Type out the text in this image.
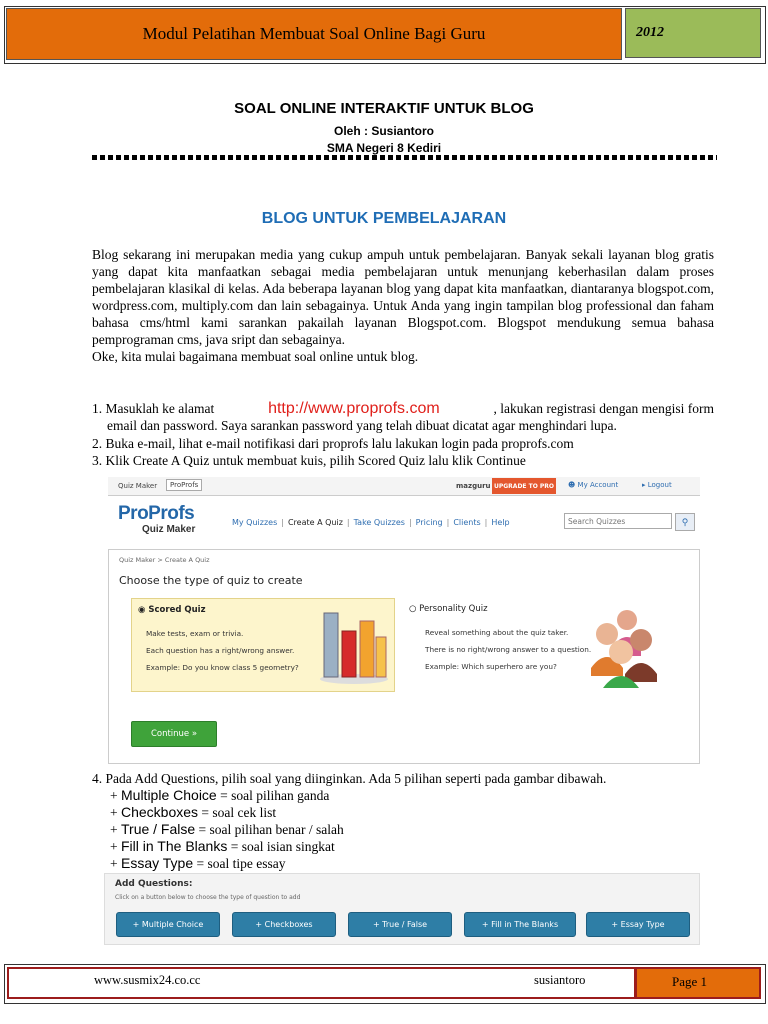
Modul Pelatihan Membuat Soal Online Bagi Guru	2012
SOAL ONLINE INTERAKTIF UNTUK BLOG
Oleh : Susiantoro
SMA Negeri 8 Kediri
BLOG UNTUK PEMBELAJARAN

Blog sekarang ini merupakan media yang cukup ampuh untuk pembelajaran. Banyak sekali layanan blog gratis yang dapat kita manfaatkan sebagai media pembelajaran untuk menunjang keberhasilan dalam proses pembelajaran klasikal di kelas. Ada beberapa layanan blog yang dapat kita manfaatkan, diantaranya blogspot.com, wordpress.com, multiply.com dan lain sebagainya. Untuk Anda yang ingin tampilan blog professional dan faham bahasa cms/html kami sarankan pakailah layanan Blogspot.com. Blogspot mendukung semua bahasa pemprograman cms, java sript dan sebagainya.

Oke, kita mulai bagaimana membuat soal online untuk blog.

1. Masuklah ke alamat	http://www.proprofs.com	, lakukan registrasi dengan mengisi form
email dan password. Saya sarankan password yang telah dibuat dicatat agar menghindari lupa.
2. Buka e-mail, lihat e-mail notifikasi dari proprofs lalu lakukan login pada proprofs.com
3. Klik Create A Quiz untuk membuat kuis, pilih Scored Quiz lalu klik Continue
Quiz Maker	ProProfs	mazguru UPGRADE TO PRO ☻ My Account	▸ Logout
ProProfs
Quiz Maker
My Quizzes | Create A Quiz | Take Quizzes | Pricing | Clients | Help
Search Quizzes	⚲
Quiz Maker > Create A Quiz
Choose the type of quiz to create
◉ Scored Quiz
Make tests, exam or trivia.
Each question has a right/wrong answer.
Example: Do you know class 5 geometry?
○ Personality Quiz
Reveal something about the quiz taker.
There is no right/wrong answer to a question.
Example: Which superhero are you?
Continue »
4. Pada Add Questions, pilih soal yang diinginkan. Ada 5 pilihan seperti pada gambar dibawah.
+ Multiple Choice = soal pilihan ganda
+ Checkboxes = soal cek list
+ True / False = soal pilihan benar / salah
+ Fill in The Blanks = soal isian singkat
+ Essay Type = soal tipe essay
Add Questions:
Click on a button below to choose the type of question to add
+ Multiple Choice	+ Checkboxes	+ True / False	+ Fill in The Blanks	+ Essay Type
www.susmix24.co.cc	susiantoro	Page 1
